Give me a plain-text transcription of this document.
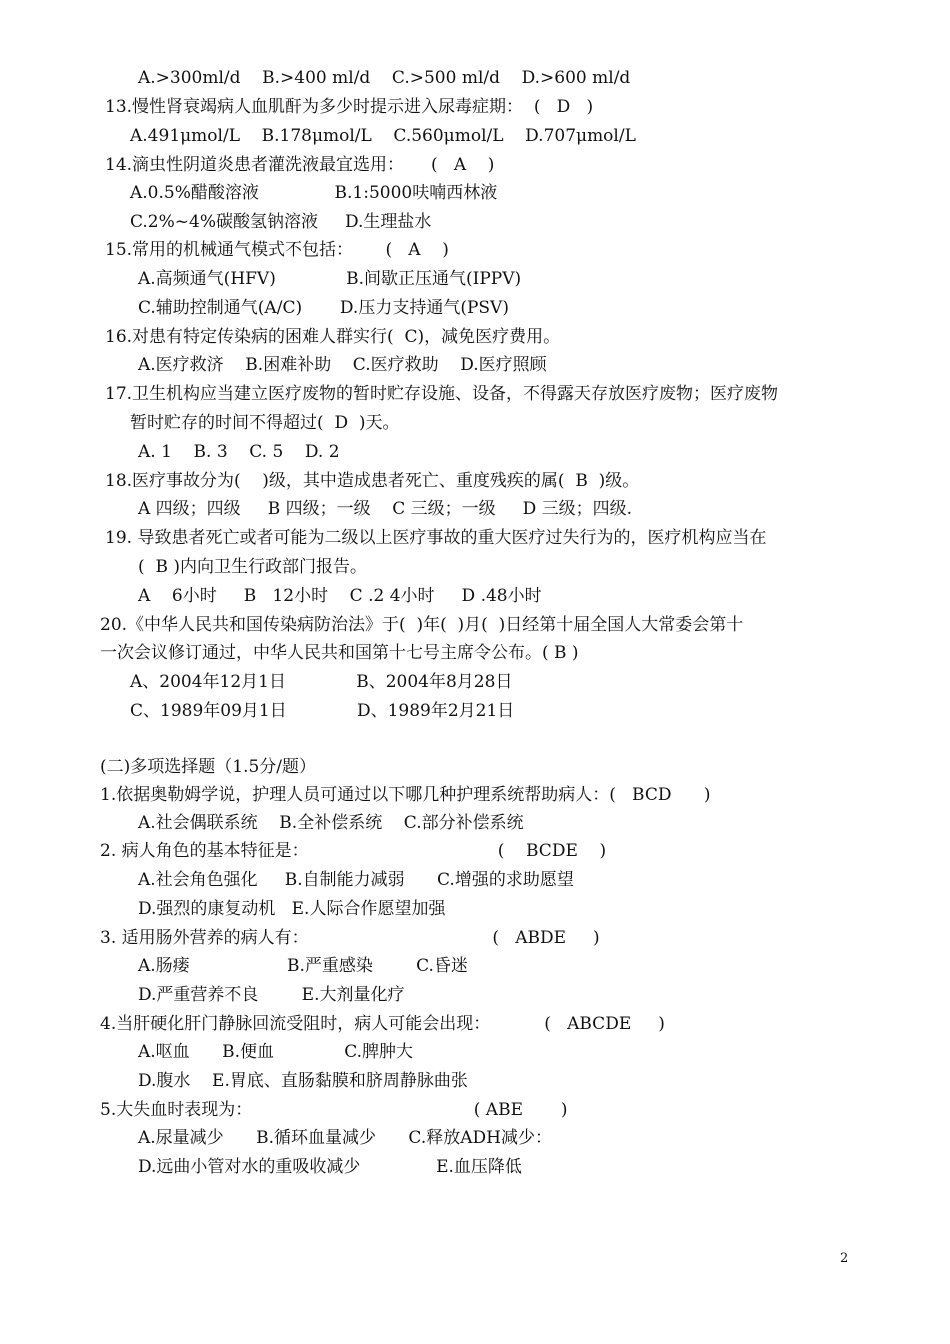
A.>300ml/d    B.>400 ml/d    C.>500 ml/d    D.>600 ml/d
13.慢性肾衰竭病人血肌酐为多少时提示进入尿毒症期：  (   D   )
A.491μmol/L    B.178μmol/L    C.560μmol/L    D.707μmol/L
14.滴虫性阴道炎患者灌洗液最宜选用：     (   A    )
A.0.5%醋酸溶液              B.1:5000呋喃西林液
C.2%~4%碳酸氢钠溶液     D.生理盐水
15.常用的机械通气模式不包括：      (   A    )
A.高频通气(HFV)             B.间歇正压通气(IPPV)
C.辅助控制通气(A/C)       D.压力支持通气(PSV)
16.对患有特定传染病的困难人群实行(  C)，减免医疗费用。
A.医疗救济    B.困难补助    C.医疗救助    D.医疗照顾
17.卫生机构应当建立医疗废物的暂时贮存设施、设备，不得露天存放医疗废物；医疗废物
暂时贮存的时间不得超过(  D  )天。
A. 1    B. 3    C. 5    D. 2
18.医疗事故分为(    )级，其中造成患者死亡、重度残疾的属(  B  )级。
A 四级；四级     B 四级；一级    C 三级；一级     D 三级；四级.
19. 导致患者死亡或者可能为二级以上医疗事故的重大医疗过失行为的，医疗机构应当在
(  B )内向卫生行政部门报告。
A    6小时     B   12小时    C .2 4小时     D .48小时
20.《中华人民共和国传染病防治法》于(  )年(  )月(  )日经第十届全国人大常委会第十
一次会议修订通过，中华人民共和国第十七号主席令公布。( B )
A、2004年12月1日             B、2004年8月28日
C、1989年09月1日             D、1989年2月21日
(二)多项选择题（1.5分/题）
1.依据奥勒姆学说，护理人员可通过以下哪几种护理系统帮助病人：(   BCD      )
A.社会偶联系统    B.全补偿系统    C.部分补偿系统
2. 病人角色的基本特征是：                                   (    BCDE    )
A.社会角色强化     B.自制能力减弱      C.增强的求助愿望
D.强烈的康复动机   E.人际合作愿望加强
3. 适用肠外营养的病人有：                                  (   ABDE     )
A.肠瘘                  B.严重感染        C.昏迷
D.严重营养不良        E.大剂量化疗
4.当肝硬化肝门静脉回流受阻时，病人可能会出现：          (   ABCDE     )
A.呕血      B.便血             C.脾肿大
D.腹水    E.胃底、直肠黏膜和脐周静脉曲张
5.大失血时表现为：                                         ( ABE       )
A.尿量减少      B.循环血量减少      C.释放ADH减少：
D.远曲小管对水的重吸收减少              E.血压降低
2
